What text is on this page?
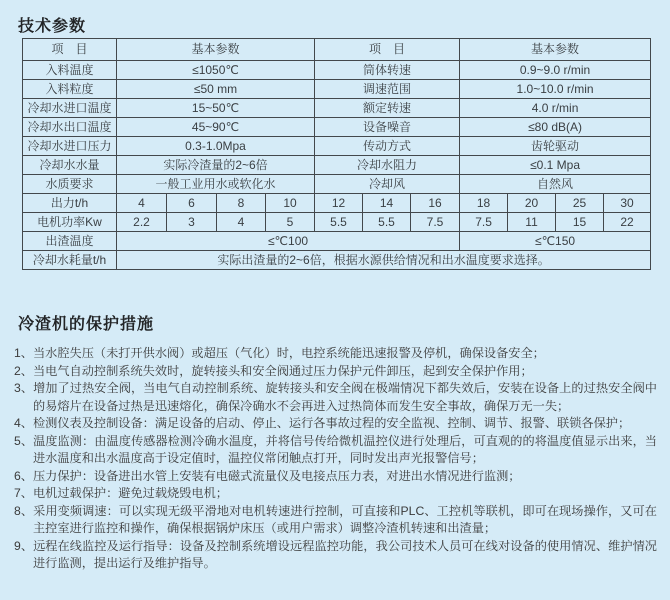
技术参数
项　目	基本参数				项　目			基本参数			
入料温度	≤1050℃				筒体转速			0.9~9.0 r/min			
入料粒度	≤50 mm				调速范围			1.0~10.0 r/min			
冷却水进口温度	15~50℃				额定转速			4.0 r/min			
冷却水出口温度	45~90℃				设备噪音			≤80 dB(A)			
冷却水进口压力	0.3-1.0Mpa				传动方式			齿轮驱动			
冷却水水量	实际冷渣量的2~6倍				冷却水阻力			≤0.1 Mpa			
水质要求	一般工业用水或软化水				冷却风			自然风			
出力t/h	4	6	8	10	12	14	16	18	20	25	30
电机功率Kw	2.2	3	4	5	5.5	5.5	7.5	7.5	11	15	22
出渣温度	≤℃100							≤℃150			
冷却水耗量t/h	实际出渣量的2~6倍，根据水源供给情况和出水温度要求选择。										
冷渣机的保护措施
1、当水腔失压（未打开供水阀）或超压（气化）时，电控系统能迅速报警及停机，确保设备安全；
2、当电气自动控制系统失效时，旋转接头和安全阀通过压力保护元件卸压，起到安全保护作用；
3、增加了过热安全阀，当电气自动控制系统、旋转接头和安全阀在极端情况下都失效后，安装在设备上的过热安全阀中的易熔片在设备过热是迅速熔化，确保冷确水不会再进入过热筒体而发生安全事故，确保万无一失；
4、检测仪表及控制设备：满足设备的启动、停止、运行各事故过程的安全监视、控制、调节、报警、联锁各保护；
5、温度监测：由温度传感器检测冷确水温度，并将信号传给微机温控仪进行处理后，可直观的的将温度值显示出来，当进水温度和出水温度高于设定值时，温控仪常闭触点打开，同时发出声光报警信号；
6、压力保护：设备进出水管上安装有电磁式流量仪及电接点压力表，对进出水情况进行监测；
7、电机过载保护：避免过载烧毁电机；
8、采用变频调速：可以实现无级平滑地对电机转速进行控制，可直接和PLC、工控机等联机，即可在现场操作，又可在主控室进行监控和操作，确保根据锅炉床压（或用户需求）调整冷渣机转速和出渣量；
9、远程在线监控及运行指导：设备及控制系统增设远程监控功能，我公司技术人员可在线对设备的使用情况、维护情况进行监测，提出运行及维护指导。
